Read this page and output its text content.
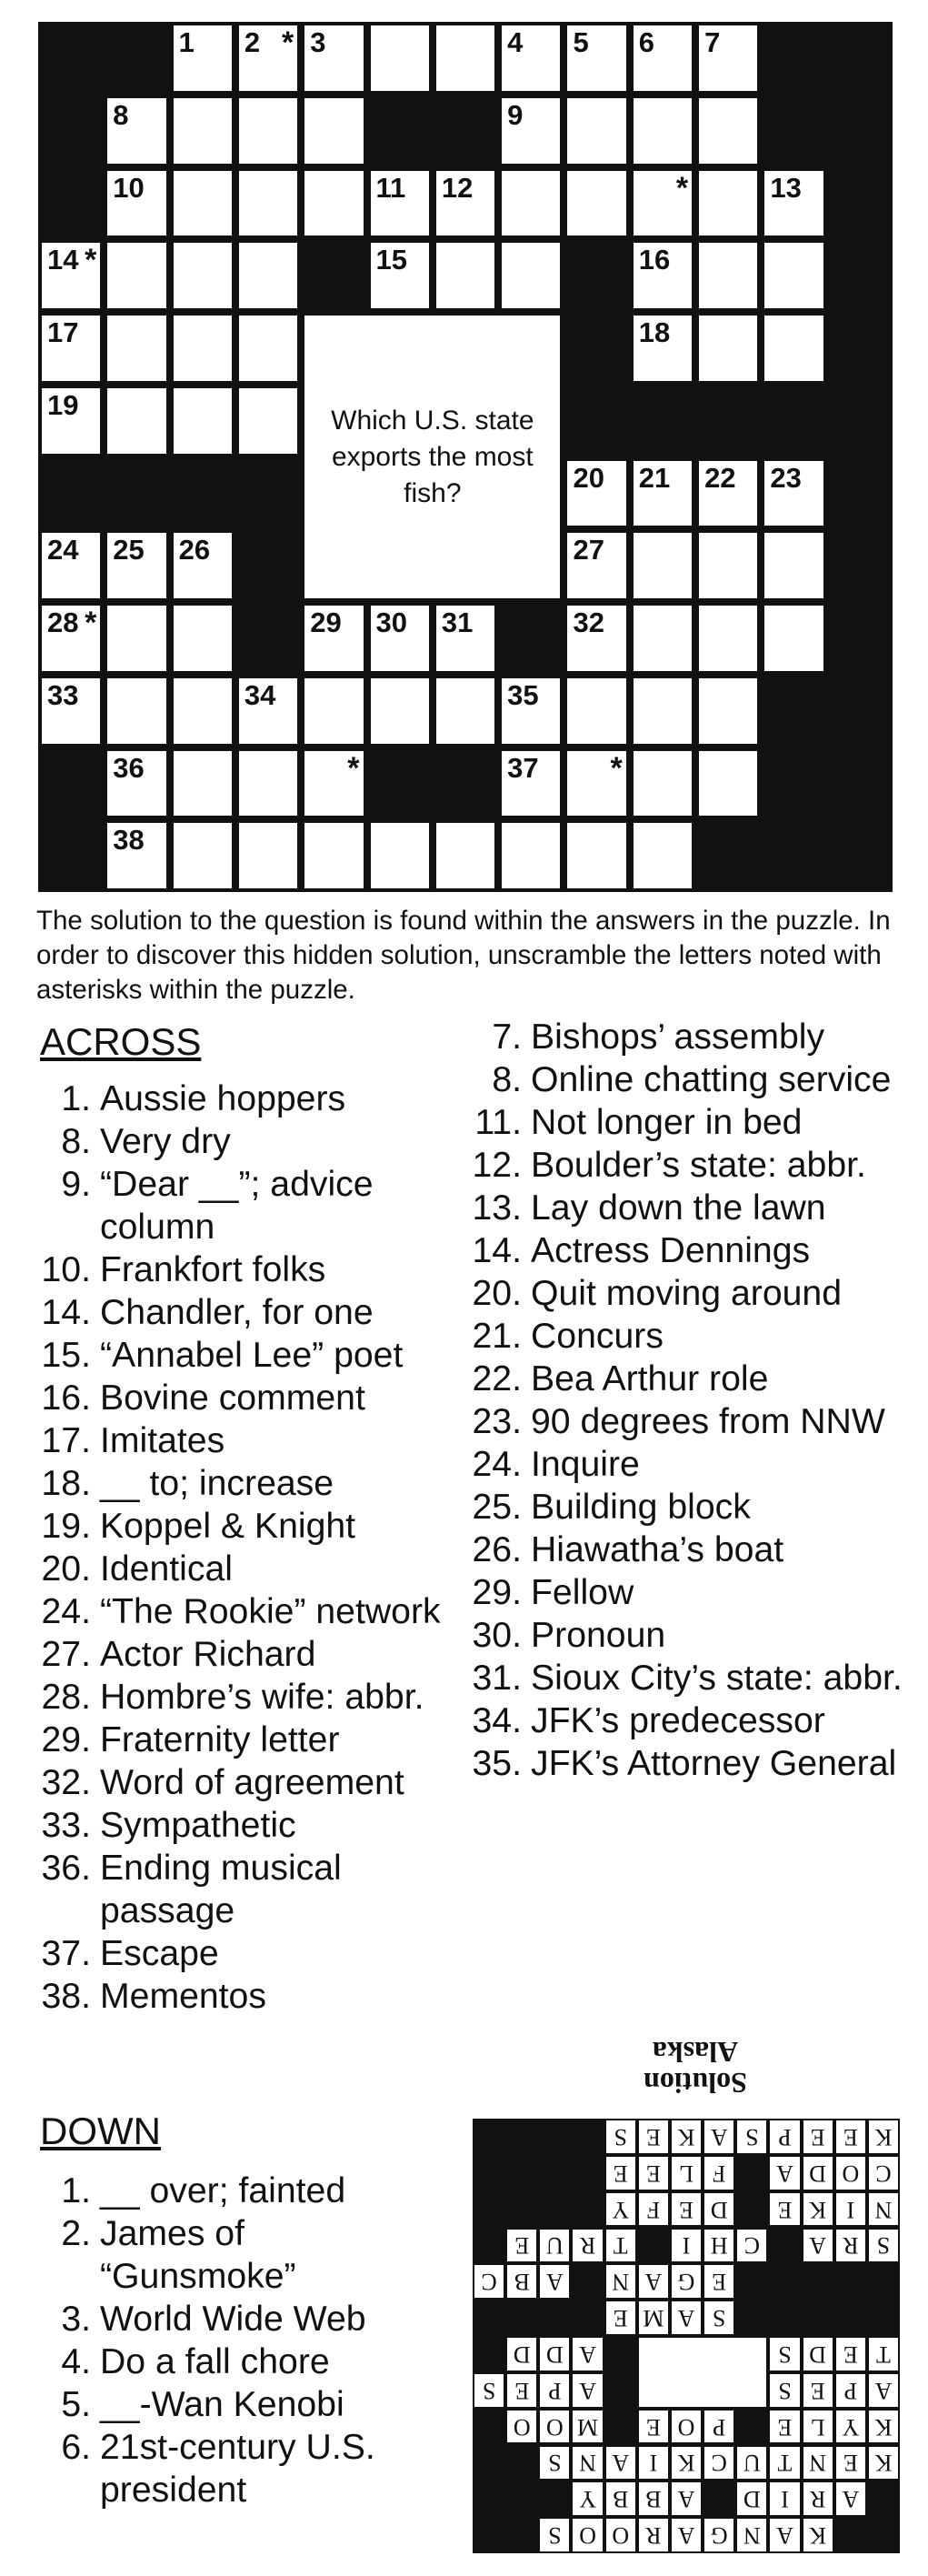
Which U.S. state exports the most fish?

1 2 * 3	4 5 6 7
8	9
10	11 12	*	13
14 *	15	16
17	18
19
20 21 22 23
24 25 26	27
28 *	29 30 31	32
33	34	35
36	*	37 *
38

The solution to the question is found within the answers in the puzzle. In order to discover this hidden solution, unscramble the letters noted with asterisks within the puzzle.

ACROSS
1. Aussie hoppers
8. Very dry
9. “Dear __”; advice column
10. Frankfort folks
14. Chandler, for one
15. “Annabel Lee” poet
16. Bovine comment
17. Imitates
18. __ to; increase
19. Koppel & Knight
20. Identical
24. “The Rookie” network
27. Actor Richard
28. Hombre’s wife: abbr.
29. Fraternity letter
32. Word of agreement
33. Sympathetic
36. Ending musical passage
37. Escape
38. Mementos
DOWN
1. __ over; fainted
2. James of “Gunsmoke”
3. World Wide Web
4. Do a fall chore
5. __-Wan Kenobi
6. 21st-century U.S. president
7. Bishops’ assembly
8. Online chatting service
11. Not longer in bed
12. Boulder’s state: abbr.
13. Lay down the lawn
14. Actress Dennings
20. Quit moving around
21. Concurs
22. Bea Arthur role
23. 90 degrees from NNW
24. Inquire
25. Building block
26. Hiawatha’s boat
29. Fellow
30. Pronoun
31. Sioux City’s state: abbr.
34. JFK’s predecessor
35. JFK’s Attorney General
Solution
Alaska
K
A
N
G
A
R
O
O
S
A
R
I
D
A
B
B
Y
K
E
N
T
U
C
K
I
A
N
S
K
Y
L
E
P
O
E
M
O
O
A
P
E
S
A
P
E
S
T
E
D
S
A
D
D
S
A
M
E
E
G
A
N
A
B
C
S
R
A
C
H
I
T
R
U
E
N
I
K
E
D
E
F
Y
C
O
D
A
F
L
E
E
K
E
E
P
S
A
K
E
S
